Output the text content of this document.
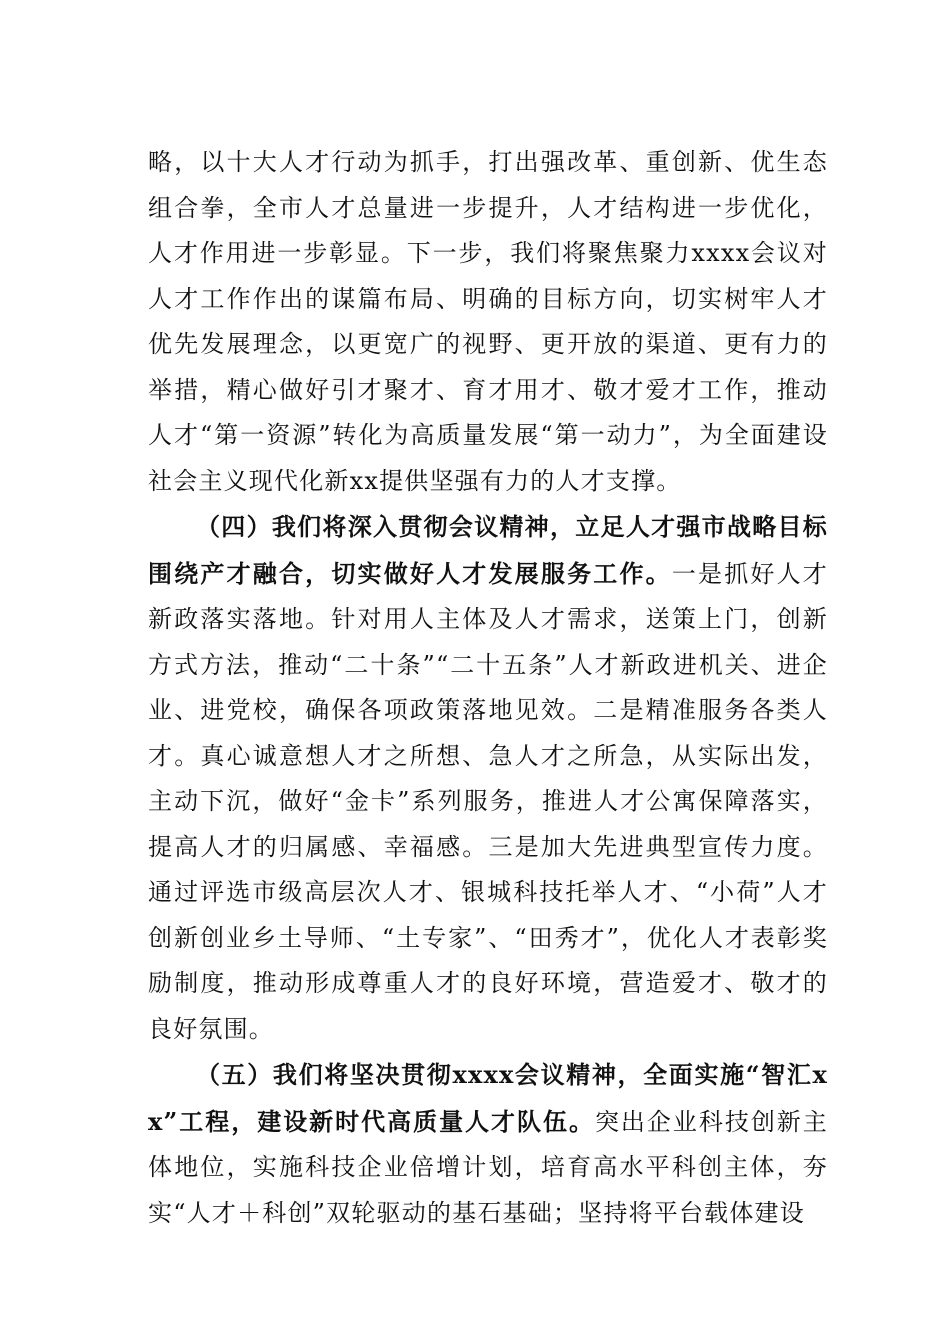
略，以十大人才行动为抓手，打出强改革、重创新、优生态组合拳，全市人才总量进一步提升，人才结构进一步优化，人才作用进一步彰显。下一步，我们将聚焦聚力xxxx会议对人才工作作出的谋篇布局、明确的目标方向，切实树牢人才优先发展理念，以更宽广的视野、更开放的渠道、更有力的举措，精心做好引才聚才、育才用才、敬才爱才工作，推动人才“第一资源”转化为高质量发展“第一动力”，为全面建设社会主义现代化新xx提供坚强有力的人才支撑。

（四）我们将深入贯彻会议精神，立足人才强市战略目标围绕产才融合，切实做好人才发展服务工作。一是抓好人才新政落实落地。针对用人主体及人才需求，送策上门，创新方式方法，推动“二十条”“二十五条”人才新政进机关、进企业、进党校，确保各项政策落地见效。二是精准服务各类人才。真心诚意想人才之所想、急人才之所急，从实际出发，主动下沉，做好“金卡”系列服务，推进人才公寓保障落实，提高人才的归属感、幸福感。三是加大先进典型宣传力度。通过评选市级高层次人才、银城科技托举人才、“小荷”人才创新创业乡土导师、“土专家”、“田秀才”，优化人才表彰奖励制度，推动形成尊重人才的良好环境，营造爱才、敬才的良好氛围。

（五）我们将坚决贯彻xxxx会议精神，全面实施“智汇xx”工程，建设新时代高质量人才队伍。突出企业科技创新主体地位，实施科技企业倍增计划，培育高水平科创主体，夯实“人才＋科创”双轮驱动的基石基础；坚持将平台载体建设
